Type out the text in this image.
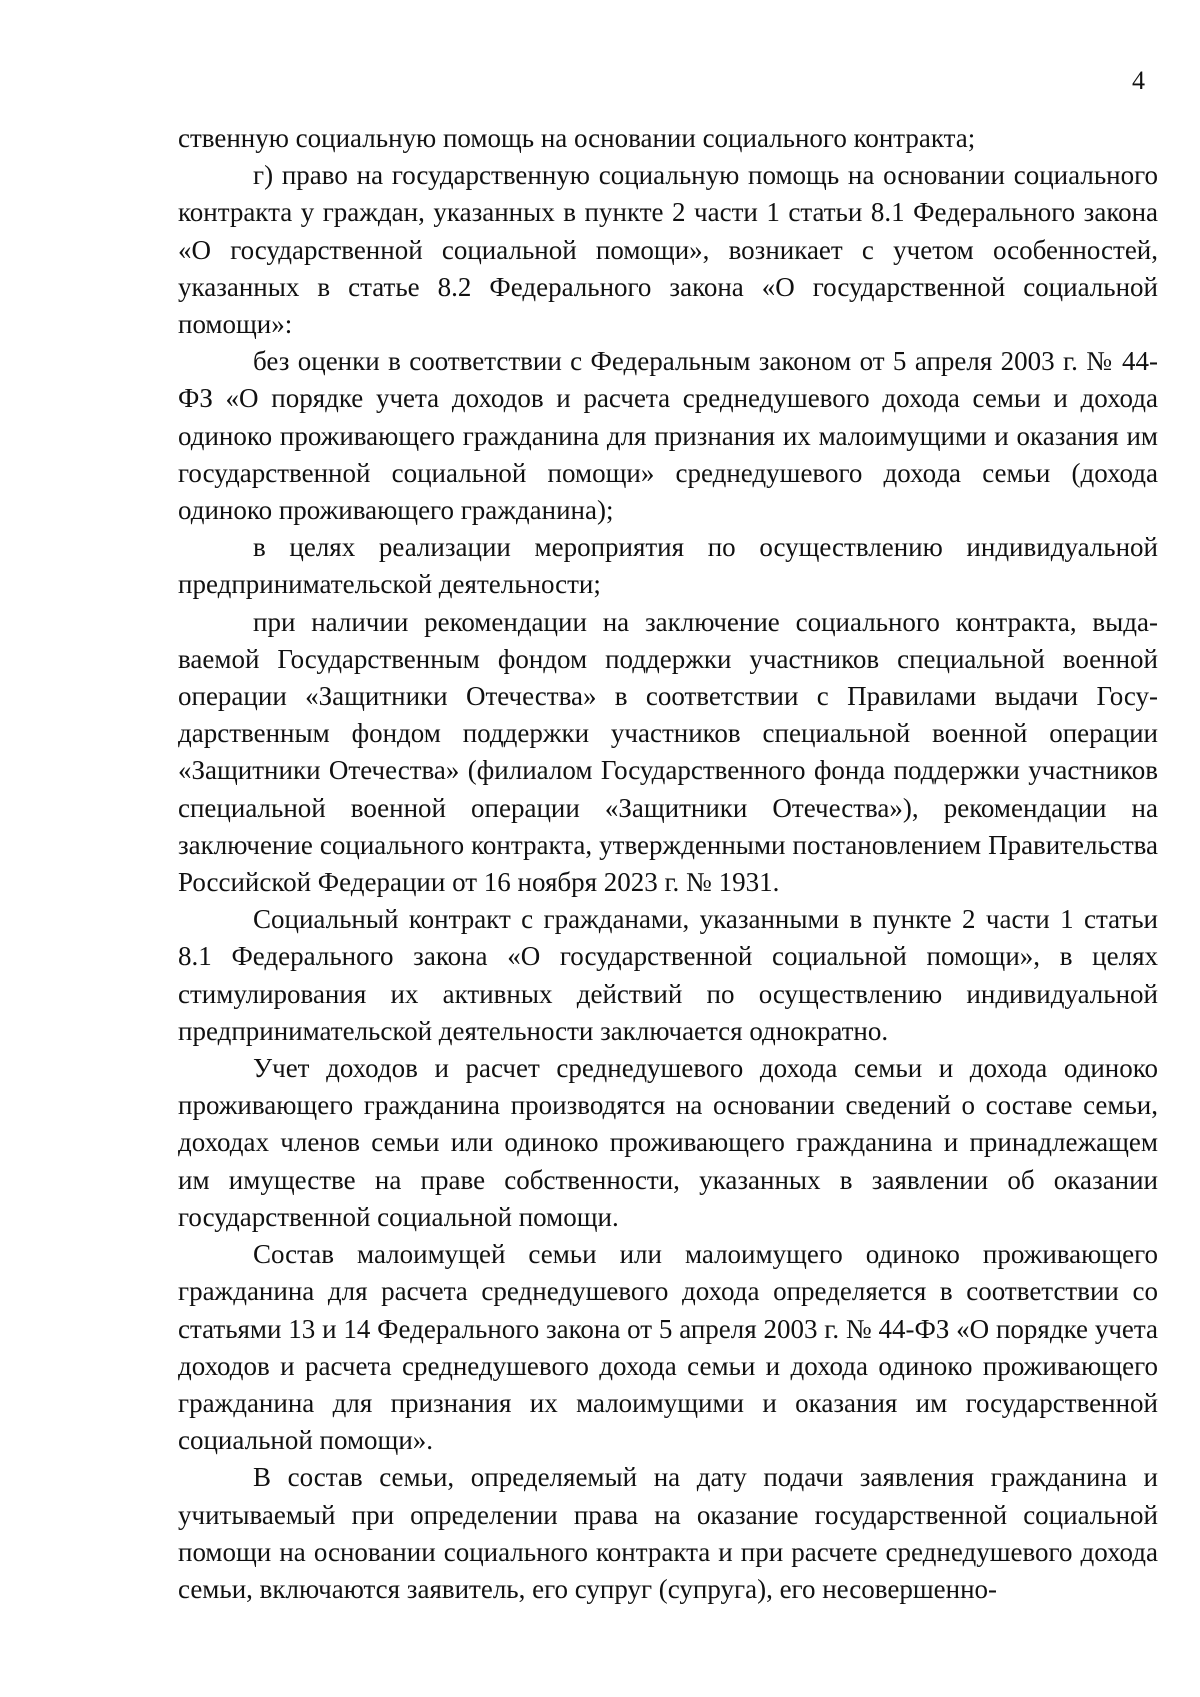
4

ственную социальную помощь на основании социального контракта;

г) право на государственную социальную помощь на основании социального контракта у граждан, указанных в пункте 2 части 1 статьи 8.1 Федерального закона «О государственной социальной помощи», возникает с учетом особенностей, указанных в статье 8.2 Федерального закона «О государственной социальной помощи»:

без оценки в соответствии с Федеральным законом от 5 апреля 2003 г. № 44-ФЗ «О порядке учета доходов и расчета среднедушевого дохода семьи и дохода одиноко проживающего гражданина для признания их малоимущими и оказания им государственной социальной помощи» среднедушевого дохода семьи (дохода одиноко проживающего гражданина);

в целях реализации мероприятия по осуществлению индивидуальной предпринимательской деятельности;

при наличии рекомендации на заключение социального контракта, выдаваемой Государственным фондом поддержки участников специальной военной операции «Защитники Отечества» в соответствии с Правилами выдачи Государственным фондом поддержки участников специальной военной операции «Защитники Отечества» (филиалом Государственного фонда поддержки участников специальной военной операции «Защитники Отечества»), рекомендации на заключение социального контракта, утвержденными постановлением Правительства Российской Федерации от 16 ноября 2023 г. № 1931.

Социальный контракт с гражданами, указанными в пункте 2 части 1 статьи 8.1 Федерального закона «О государственной социальной помощи», в целях стимулирования их активных действий по осуществлению индивидуальной предпринимательской деятельности заключается однократно.

Учет доходов и расчет среднедушевого дохода семьи и дохода одиноко проживающего гражданина производятся на основании сведений о составе семьи, доходах членов семьи или одиноко проживающего гражданина и принадлежащем им имуществе на праве собственности, указанных в заявлении об оказании государственной социальной помощи.

Состав малоимущей семьи или малоимущего одиноко проживающего гражданина для расчета среднедушевого дохода определяется в соответствии со статьями 13 и 14 Федерального закона от 5 апреля 2003 г. № 44-ФЗ «О порядке учета доходов и расчета среднедушевого дохода семьи и дохода одиноко проживающего гражданина для признания их малоимущими и оказания им государственной социальной помощи».

В состав семьи, определяемый на дату подачи заявления гражданина и учитываемый при определении права на оказание государственной социальной помощи на основании социального контракта и при расчете среднедушевого дохода семьи, включаются заявитель, его супруг (супруга), его несовершенно-
